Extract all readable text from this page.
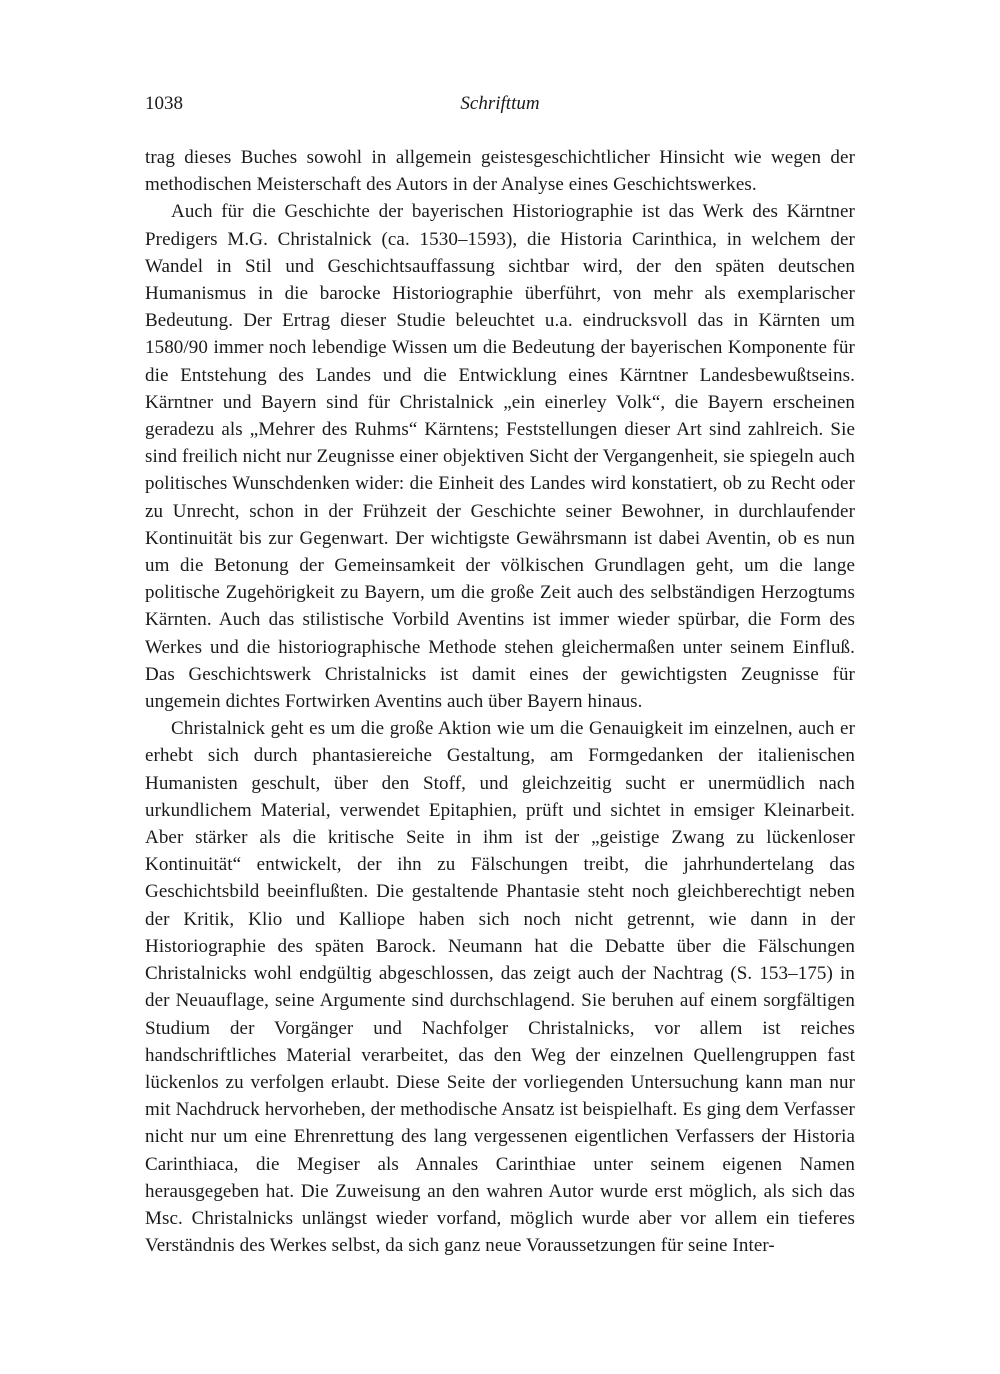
1038	Schrifttum

trag dieses Buches sowohl in allgemein geistesgeschichtlicher Hinsicht wie wegen der methodischen Meisterschaft des Autors in der Analyse eines Geschichtswerkes.

Auch für die Geschichte der bayerischen Historiographie ist das Werk des Kärntner Predigers M.G. Christalnick (ca. 1530–1593), die Historia Carinthica, in welchem der Wandel in Stil und Geschichtsauffassung sichtbar wird, der den späten deutschen Humanismus in die barocke Historiographie überführt, von mehr als exemplarischer Bedeutung. Der Ertrag dieser Studie beleuchtet u.a. eindrucksvoll das in Kärnten um 1580/90 immer noch lebendige Wissen um die Bedeutung der bayerischen Komponente für die Entstehung des Landes und die Entwicklung eines Kärntner Landesbewußtseins. Kärntner und Bayern sind für Christalnick „ein einerley Volk“, die Bayern erscheinen geradezu als „Mehrer des Ruhms“ Kärntens; Feststellungen dieser Art sind zahlreich. Sie sind freilich nicht nur Zeugnisse einer objektiven Sicht der Vergangenheit, sie spiegeln auch politisches Wunschdenken wider: die Einheit des Landes wird konstatiert, ob zu Recht oder zu Unrecht, schon in der Frühzeit der Geschichte seiner Bewohner, in durchlaufender Kontinuität bis zur Gegenwart. Der wichtigste Gewährsmann ist dabei Aventin, ob es nun um die Betonung der Gemeinsamkeit der völkischen Grundlagen geht, um die lange politische Zugehörigkeit zu Bayern, um die große Zeit auch des selbständigen Herzogtums Kärnten. Auch das stilistische Vorbild Aventins ist immer wieder spürbar, die Form des Werkes und die historiographische Methode stehen gleichermaßen unter seinem Einfluß. Das Geschichtswerk Christalnicks ist damit eines der gewichtigsten Zeugnisse für ungemein dichtes Fortwirken Aventins auch über Bayern hinaus.

Christalnick geht es um die große Aktion wie um die Genauigkeit im einzelnen, auch er erhebt sich durch phantasiereiche Gestaltung, am Formgedanken der italienischen Humanisten geschult, über den Stoff, und gleichzeitig sucht er unermüdlich nach urkundlichem Material, verwendet Epitaphien, prüft und sichtet in emsiger Kleinarbeit. Aber stärker als die kritische Seite in ihm ist der „geistige Zwang zu lückenloser Kontinuität“ entwickelt, der ihn zu Fälschungen treibt, die jahrhundertelang das Geschichtsbild beeinflußten. Die gestaltende Phantasie steht noch gleichberechtigt neben der Kritik, Klio und Kalliope haben sich noch nicht getrennt, wie dann in der Historiographie des späten Barock. Neumann hat die Debatte über die Fälschungen Christalnicks wohl endgültig abgeschlossen, das zeigt auch der Nachtrag (S. 153–175) in der Neuauflage, seine Argumente sind durchschlagend. Sie beruhen auf einem sorgfältigen Studium der Vorgänger und Nachfolger Christalnicks, vor allem ist reiches handschriftliches Material verarbeitet, das den Weg der einzelnen Quellengruppen fast lückenlos zu verfolgen erlaubt. Diese Seite der vorliegenden Untersuchung kann man nur mit Nachdruck hervorheben, der methodische Ansatz ist beispielhaft. Es ging dem Verfasser nicht nur um eine Ehrenrettung des lang vergessenen eigentlichen Verfassers der Historia Carinthiaca, die Megiser als Annales Carinthiae unter seinem eigenen Namen herausgegeben hat. Die Zuweisung an den wahren Autor wurde erst möglich, als sich das Msc. Christalnicks unlängst wieder vorfand, möglich wurde aber vor allem ein tieferes Verständnis des Werkes selbst, da sich ganz neue Voraussetzungen für seine Inter-
